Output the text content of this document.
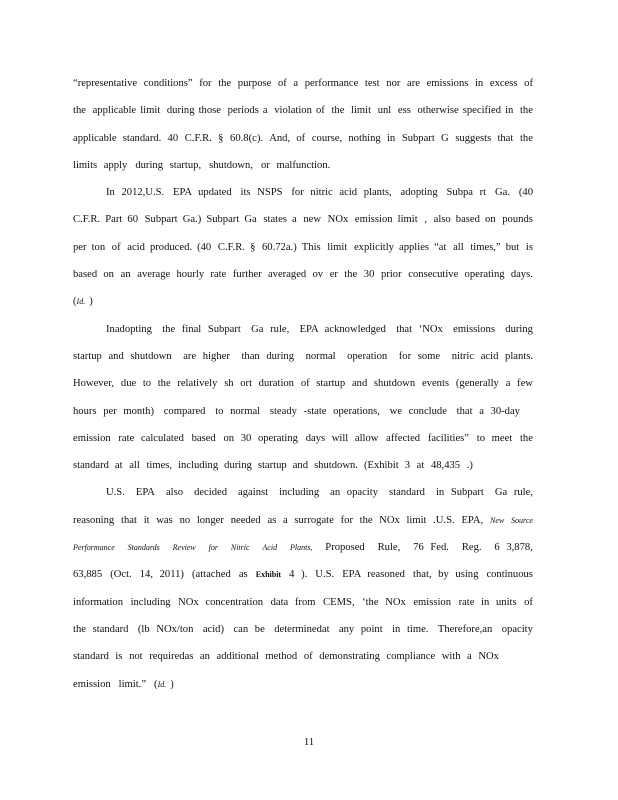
“representative conditions” for the purpose of a performance test nor are emissions in excess of
the applicable limit during those periods a violation of the limit unl ess otherwise specified in the
applicable standard. 40 C.F.R. § 60.8(c). And, of course, nothing in Subpart G suggests that the
limits apply during startup, shutdown, or malfunction.
In 2012,U.S. EPA updated its NSPS for nitric acid plants, adopting Subpa rt Ga. (40
C.F.R. Part 60 Subpart Ga.) Subpart Ga states a new NOx emission limit , also based on pounds
per ton of acid produced. (40 C.F.R. § 60.72a.) This limit explicitly applies “at all times,” but is
based on an average hourly rate further averaged ov er the 30 prior consecutive operating days.
( Id. )
Inadopting the final Subpart Ga rule, EPA acknowledged that ‘NOx emissions during
startup and shutdown are higher than during normal operation for some nitric acid plants.
However, due to the relatively sh ort duration of startup and shutdown events (generally a few
hours per month) compared to normal steady -state operations, we conclude that a 30-day
emission rate calculated based on 30 operating days will allow affected facilities” to meet the
standard at all times, including during startup and shutdown. (Exhibit 3 at 48,435 .)
U.S. EPA also decided against including an opacity standard in Subpart Ga rule,
reasoning that it was no longer needed as a surrogate for the NOx limit .U.S. EPA, New Source
Performance Standards Review for Nitric Acid Plants, Proposed Rule, 76 Fed. Reg. 6 3,878,
63,885 (Oct. 14, 2011) (attached as Exhibit 4 ). U.S. EPA reasoned that, by using continuous
information including NOx concentration data from CEMS, ‘the NOx emission rate in units of
the standard (lb NOx/ton acid) can be determinedat any point in time. Therefore,an opacity
standard is not requiredas an additional method of demonstrating compliance with a NOx
emission limit.” ( Id. )
11
